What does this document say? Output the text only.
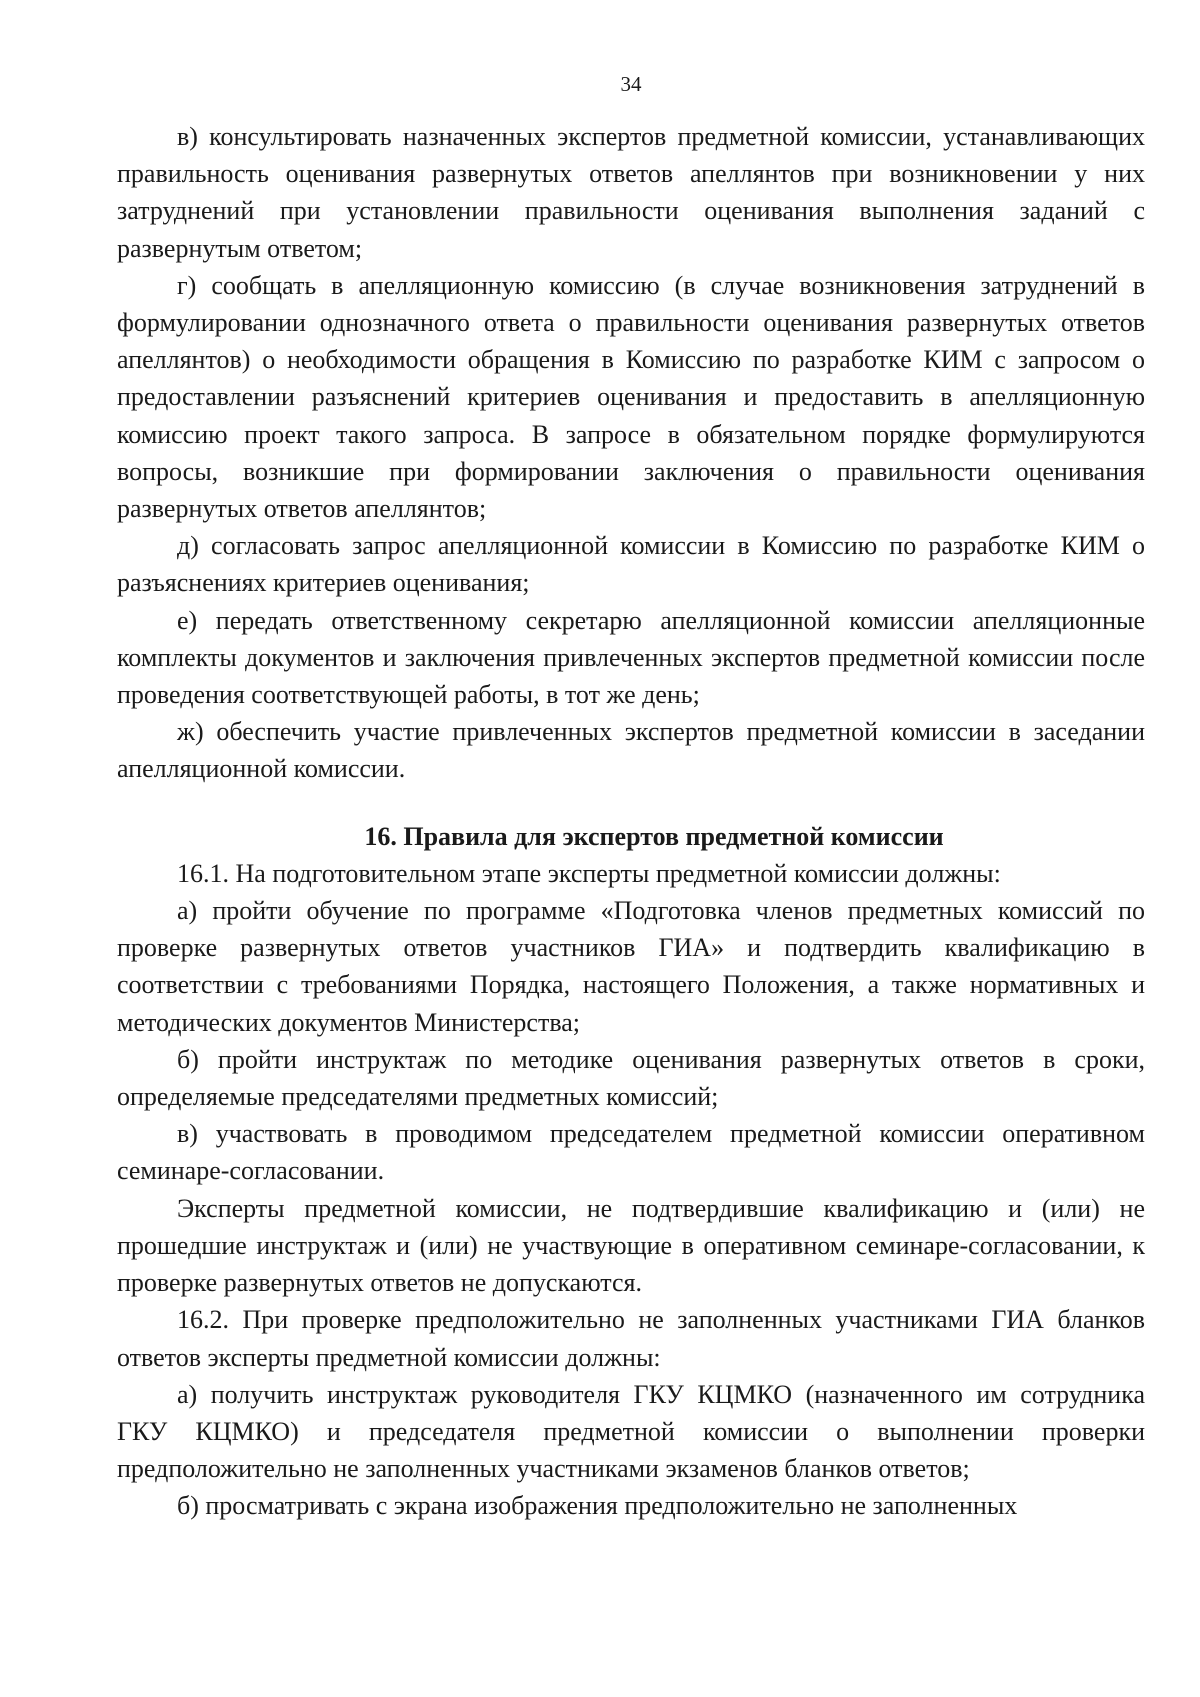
34

в) консультировать назначенных экспертов предметной комиссии, устанавливающих правильность оценивания развернутых ответов апеллянтов при возникновении у них затруднений при установлении правильности оценивания выполнения заданий с развернутым ответом;

г) сообщать в апелляционную комиссию (в случае возникновения затруднений в формулировании однозначного ответа о правильности оценивания развернутых ответов апеллянтов) о необходимости обращения в Комиссию по разработке КИМ с запросом о предоставлении разъяснений критериев оценивания и предоставить в апелляционную комиссию проект такого запроса. В запросе в обязательном порядке формулируются вопросы, возникшие при формировании заключения о правильности оценивания развернутых ответов апеллянтов;

д) согласовать запрос апелляционной комиссии в Комиссию по разработке КИМ о разъяснениях критериев оценивания;

е) передать ответственному секретарю апелляционной комиссии апелляционные комплекты документов и заключения привлеченных экспертов предметной комиссии после проведения соответствующей работы, в тот же день;

ж) обеспечить участие привлеченных экспертов предметной комиссии в заседании апелляционной комиссии.

16. Правила для экспертов предметной комиссии

16.1. На подготовительном этапе эксперты предметной комиссии должны:

а) пройти обучение по программе «Подготовка членов предметных комиссий по проверке развернутых ответов участников ГИА» и подтвердить квалификацию в соответствии с требованиями Порядка, настоящего Положения, а также нормативных и методических документов Министерства;

б) пройти инструктаж по методике оценивания развернутых ответов в сроки, определяемые председателями предметных комиссий;

в) участвовать в проводимом председателем предметной комиссии оперативном семинаре-согласовании.

Эксперты предметной комиссии, не подтвердившие квалификацию и (или) не прошедшие инструктаж и (или) не участвующие в оперативном семинаре-согласовании, к проверке развернутых ответов не допускаются.

16.2. При проверке предположительно не заполненных участниками ГИА бланков ответов эксперты предметной комиссии должны:

а) получить инструктаж руководителя ГКУ КЦМКО (назначенного им сотрудника ГКУ КЦМКО) и председателя предметной комиссии о выполнении проверки предположительно не заполненных участниками экзаменов бланков ответов;

б) просматривать с экрана изображения предположительно не заполненных
